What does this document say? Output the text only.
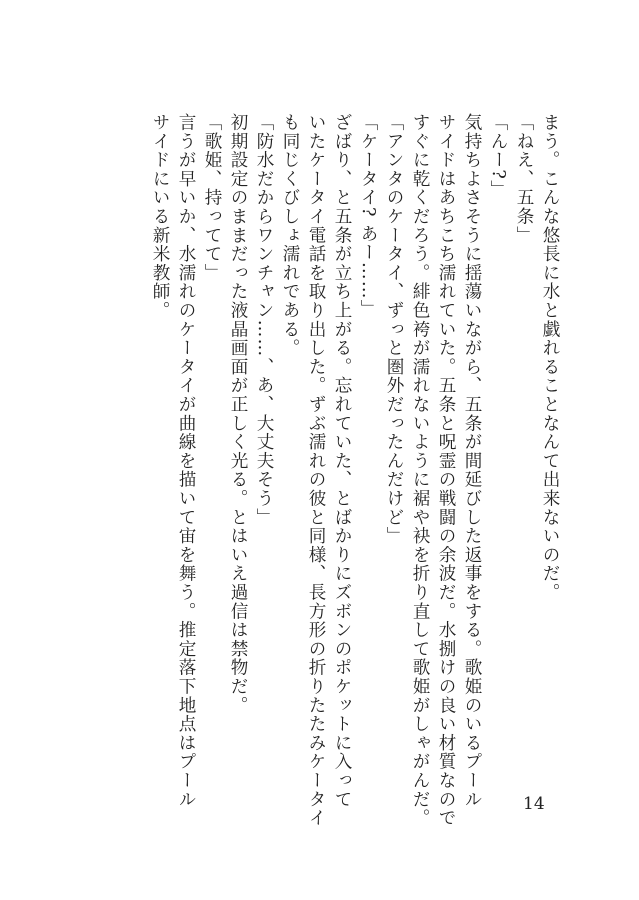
まう。こんな悠長に水と戯れることなんて出来ないのだ。
「ねえ、五条」
「んー?」
気持ちよさそうに揺蕩いながら、五条が間延びした返事をする。歌姫のいるプール
サイドはあちこち濡れていた。五条と呪霊の戦闘の余波だ。水捌けの良い材質なので
すぐに乾くだろう。緋色袴が濡れないように裾や袂を折り直して歌姫がしゃがんだ。
「アンタのケータイ、ずっと圏外だったんだけど」
「ケータイ? あー……」
ざばり、と五条が立ち上がる。忘れていた、とばかりにズボンのポケットに入って
いたケータイ電話を取り出した。ずぶ濡れの彼と同様、長方形の折りたたみケータイ
も同じくびしょ濡れである。
「防水だからワンチャン……、あ、大丈夫そう」
初期設定のままだった液晶画面が正しく光る。とはいえ過信は禁物だ。
「歌姫、持ってて」
言うが早いか、水濡れのケータイが曲線を描いて宙を舞う。推定落下地点はプール
サイドにいる新米教師。
14
